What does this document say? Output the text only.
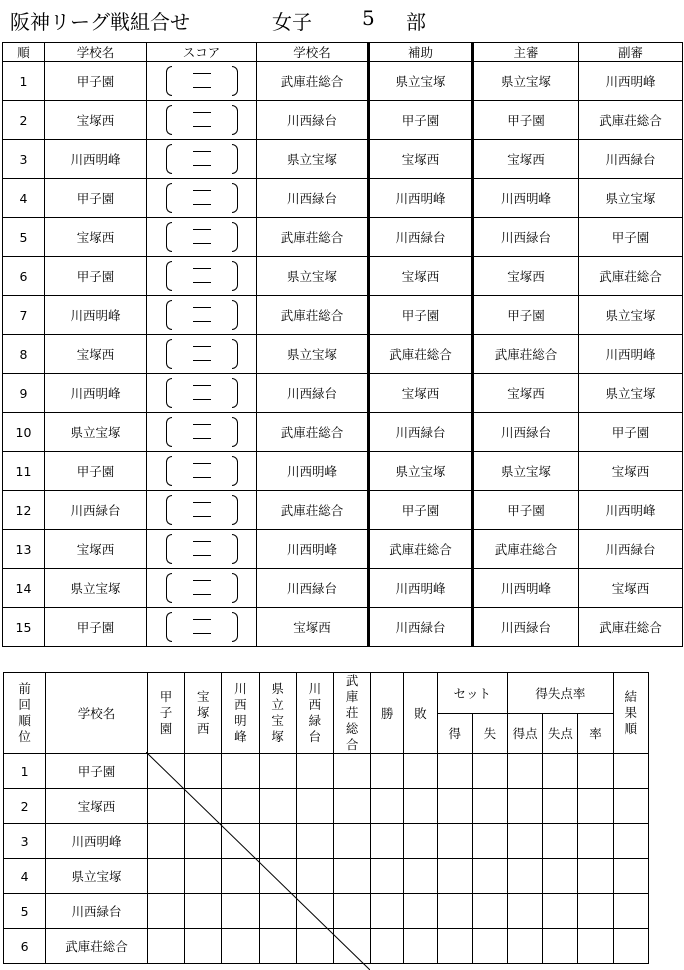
阪神リーグ戦組合せ	女子	5 部
順	学校名	スコア	学校名	補助	主審	副審
1	甲子園		武庫荘総合	県立宝塚	県立宝塚	川西明峰
2	宝塚西		川西緑台	甲子園	甲子園	武庫荘総合
3	川西明峰		県立宝塚	宝塚西	宝塚西	川西緑台
4	甲子園		川西緑台	川西明峰	川西明峰	県立宝塚
5	宝塚西		武庫荘総合	川西緑台	川西緑台	甲子園
6	甲子園		県立宝塚	宝塚西	宝塚西	武庫荘総合
7	川西明峰		武庫荘総合	甲子園	甲子園	県立宝塚
8	宝塚西		県立宝塚	武庫荘総合	武庫荘総合	川西明峰
9	川西明峰		川西緑台	宝塚西	宝塚西	県立宝塚
10	県立宝塚		武庫荘総合	川西緑台	川西緑台	甲子園
11	甲子園		川西明峰	県立宝塚	県立宝塚	宝塚西
12	川西緑台		武庫荘総合	甲子園	甲子園	川西明峰
13	宝塚西		川西明峰	武庫荘総合	武庫荘総合	川西緑台
14	県立宝塚		川西緑台	川西明峰	川西明峰	宝塚西
15	甲子園		宝塚西	川西緑台	川西緑台	武庫荘総合
前回順位	学校名	甲子園	宝塚西	川西明峰	県立宝塚	川西緑台	武庫荘総合	勝	敗	セット		得失点率			結果順
										得	失	得点	失点	率	
1	甲子園														
2	宝塚西														
3	川西明峰														
4	県立宝塚														
5	川西緑台														
6	武庫荘総合														
